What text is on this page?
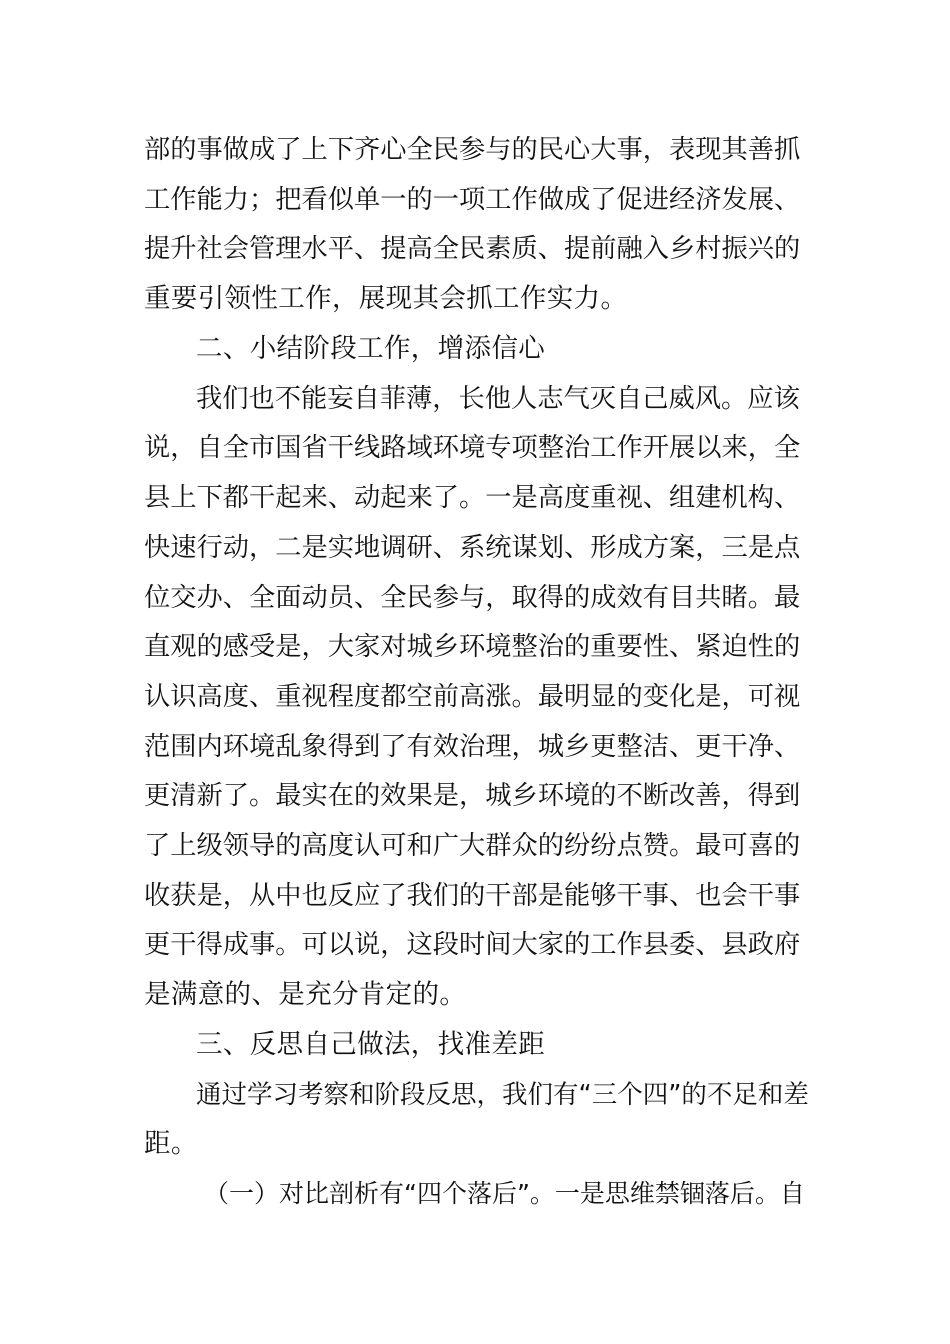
部的事做成了上下齐心全民参与的民心大事，表现其善抓
工作能力；把看似单一的一项工作做成了促进经济发展、
提升社会管理水平、提高全民素质、提前融入乡村振兴的
重要引领性工作，展现其会抓工作实力。
二、小结阶段工作，增添信心
我们也不能妄自菲薄，长他人志气灭自己威风。应该
说，自全市国省干线路域环境专项整治工作开展以来，全
县上下都干起来、动起来了。一是高度重视、组建机构、
快速行动，二是实地调研、系统谋划、形成方案，三是点
位交办、全面动员、全民参与，取得的成效有目共睹。最
直观的感受是，大家对城乡环境整治的重要性、紧迫性的
认识高度、重视程度都空前高涨。最明显的变化是，可视
范围内环境乱象得到了有效治理，城乡更整洁、更干净、
更清新了。最实在的效果是，城乡环境的不断改善，得到
了上级领导的高度认可和广大群众的纷纷点赞。最可喜的
收获是，从中也反应了我们的干部是能够干事、也会干事
更干得成事。可以说，这段时间大家的工作县委、县政府
是满意的、是充分肯定的。
三、反思自己做法，找准差距
通过学习考察和阶段反思，我们有“三个四”的不足和差
距。
（一）对比剖析有“四个落后”。一是思维禁锢落后。自
